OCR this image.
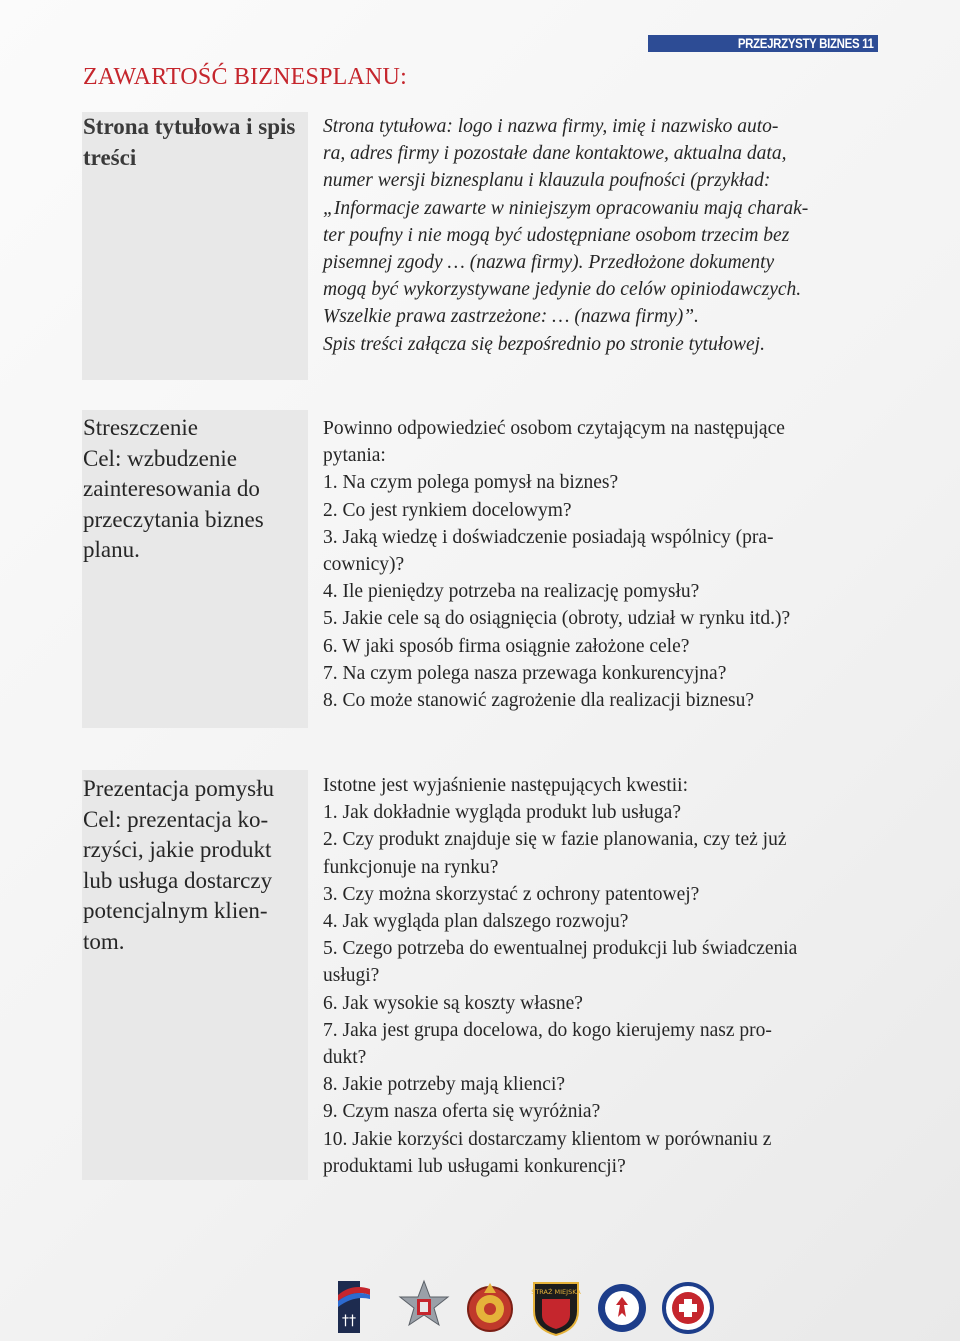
PRZEJRZYSTY BIZNES 11
ZAWARTOŚĆ BIZNESPLANU:
Strona tytułowa i spis
treści
Strona tytułowa: logo i nazwa firmy, imię i nazwisko auto-
ra, adres firmy i pozostałe dane kontaktowe, aktualna data,
numer wersji biznesplanu i klauzula poufności (przykład:
„Informacje zawarte w niniejszym opracowaniu mają charak-
ter poufny i nie mogą być udostępniane osobom trzecim bez
pisemnej zgody … (nazwa firmy). Przedłożone dokumenty
mogą być wykorzystywane jedynie do celów opiniodawczych.
Wszelkie prawa zastrzeżone: … (nazwa firmy)”.
Spis treści załącza się bezpośrednio po stronie tytułowej.
Streszczenie
Cel: wzbudzenie
zainteresowania do
przeczytania biznes
planu.
Powinno odpowiedzieć osobom czytającym na następujące
pytania:
1. Na czym polega pomysł na biznes?
2. Co jest rynkiem docelowym?
3. Jaką wiedzę i doświadczenie posiadają wspólnicy (pra-
cownicy)?
4. Ile pieniędzy potrzeba na realizację pomysłu?
5. Jakie cele są do osiągnięcia (obroty, udział w rynku itd.)?
6. W jaki sposób firma osiągnie założone cele?
7. Na czym polega nasza przewaga konkurencyjna?
8. Co może stanowić zagrożenie dla realizacji biznesu?
Prezentacja pomysłu
Cel: prezentacja ko-
rzyści, jakie produkt
lub usługa dostarczy
potencjalnym klien-
tom.
Istotne jest wyjaśnienie następujących kwestii:
1. Jak dokładnie wygląda produkt lub usługa?
2. Czy produkt znajduje się w fazie planowania, czy też już
funkcjonuje na rynku?
3. Czy można skorzystać z ochrony patentowej?
4. Jak wygląda plan dalszego rozwoju?
5. Czego potrzeba do ewentualnej produkcji lub świadczenia
usługi?
6. Jak wysokie są koszty własne?
7. Jaka jest grupa docelowa, do kogo kierujemy nasz pro-
dukt?
8. Jakie potrzeby mają klienci?
9. Czym nasza oferta się wyróżnia?
10. Jakie korzyści dostarczamy klientom w porównaniu z
produktami lub usługami konkurencji?
††
STRAŻ MIEJSKA
